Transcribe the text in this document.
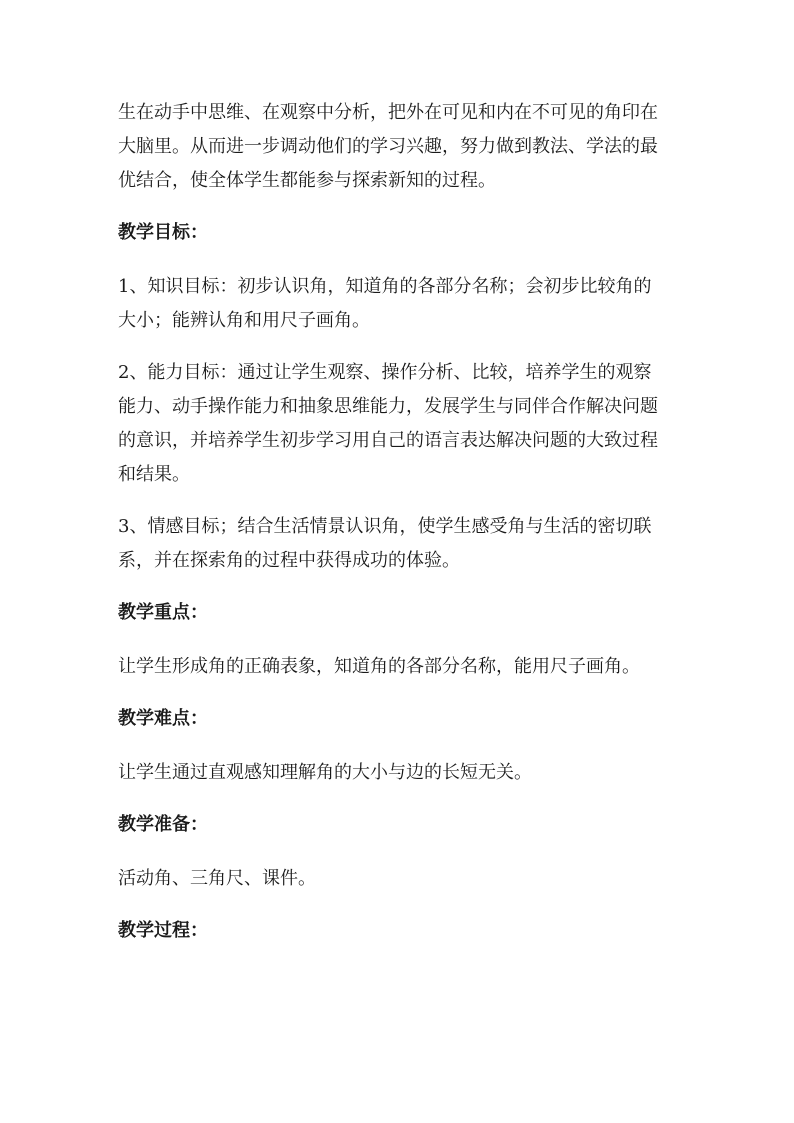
生在动手中思维、在观察中分析，把外在可见和内在不可见的角印在
大脑里。从而进一步调动他们的学习兴趣，努力做到教法、学法的最
优结合，使全体学生都能参与探索新知的过程。
教学目标：
1、知识目标：初步认识角，知道角的各部分名称；会初步比较角的
大小；能辨认角和用尺子画角。
2、能力目标：通过让学生观察、操作分析、比较，培养学生的观察
能力、动手操作能力和抽象思维能力，发展学生与同伴合作解决问题
的意识，并培养学生初步学习用自己的语言表达解决问题的大致过程
和结果。
3、情感目标；结合生活情景认识角，使学生感受角与生活的密切联
系，并在探索角的过程中获得成功的体验。
教学重点：
让学生形成角的正确表象，知道角的各部分名称，能用尺子画角。
教学难点：
让学生通过直观感知理解角的大小与边的长短无关。
教学准备：
活动角、三角尺、课件。
教学过程：
